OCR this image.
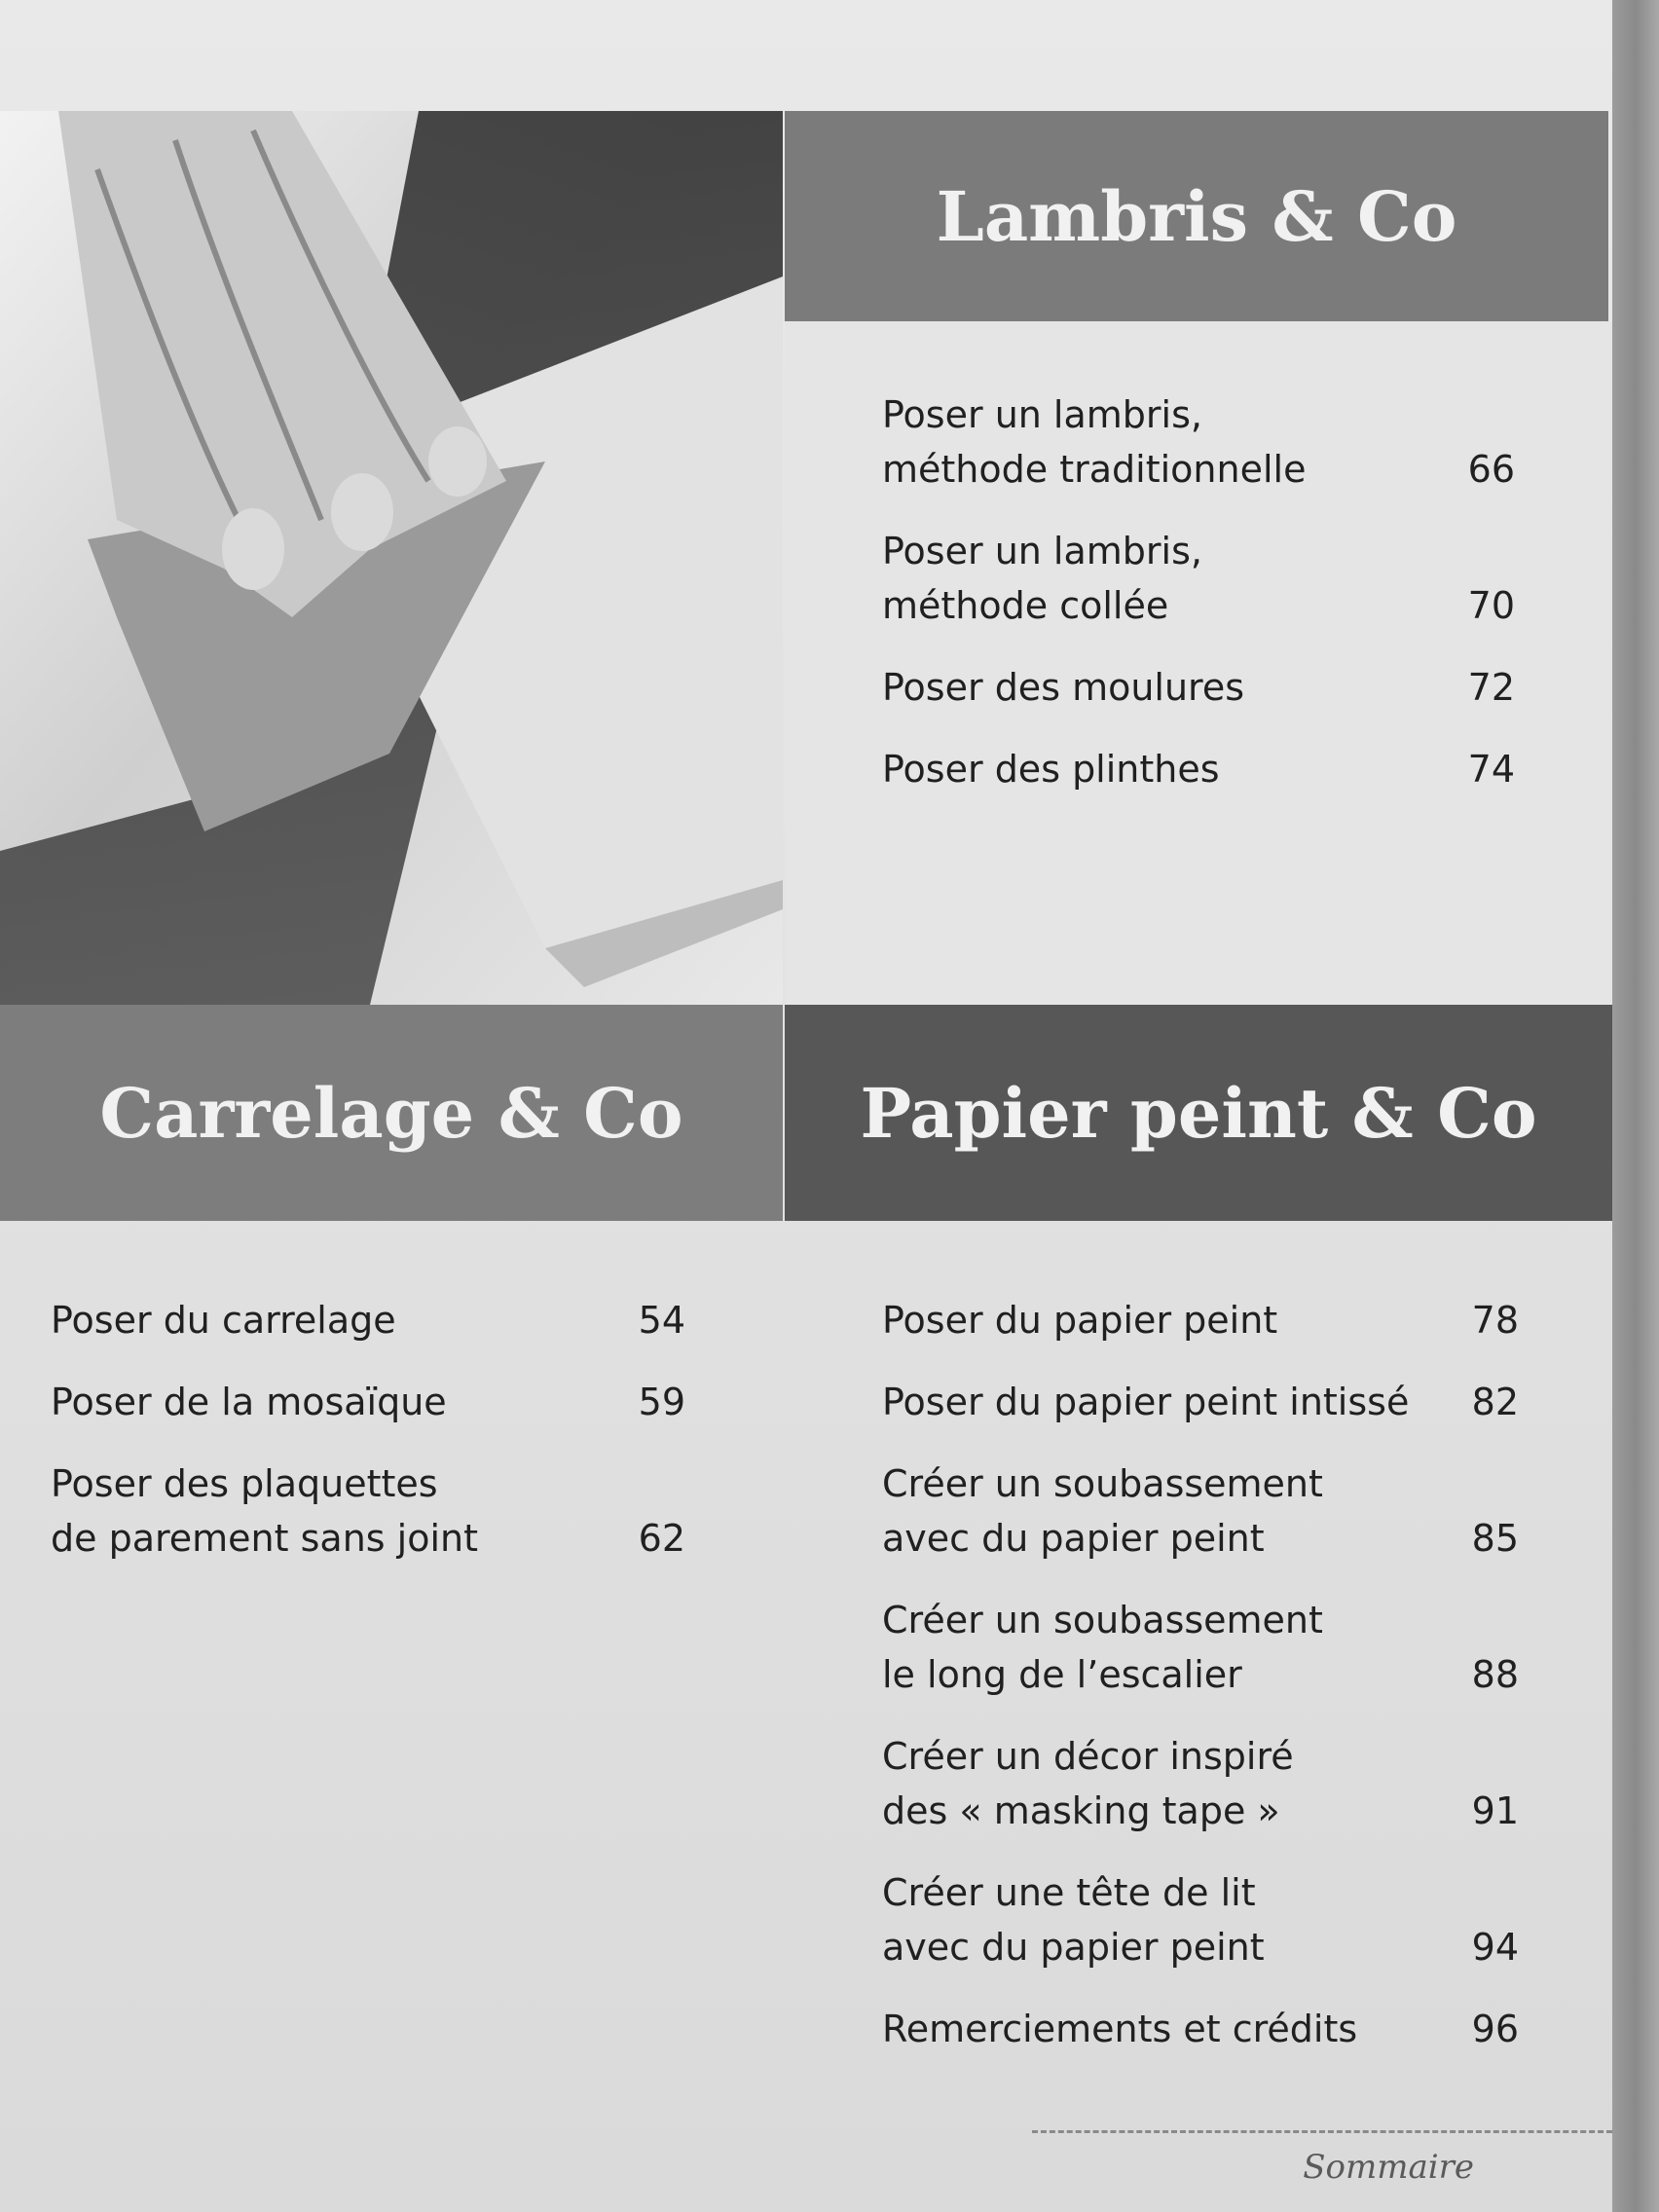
Lambris & Co
Poser un lambris,
méthode traditionnelle	66
Poser un lambris,
méthode collée	70
Poser des moulures	72
Poser des plinthes	74
Carrelage & Co
Poser du carrelage	54
Poser de la mosaïque	59
Poser des plaquettes
de parement sans joint	62
Papier peint & Co
Poser du papier peint	78
Poser du papier peint intissé	82
Créer un soubassement
avec du papier peint	85
Créer un soubassement
le long de l’escalier	88
Créer un décor inspiré
des « masking tape »	91
Créer une tête de lit
avec du papier peint	94
Remerciements et crédits	96
Sommaire
